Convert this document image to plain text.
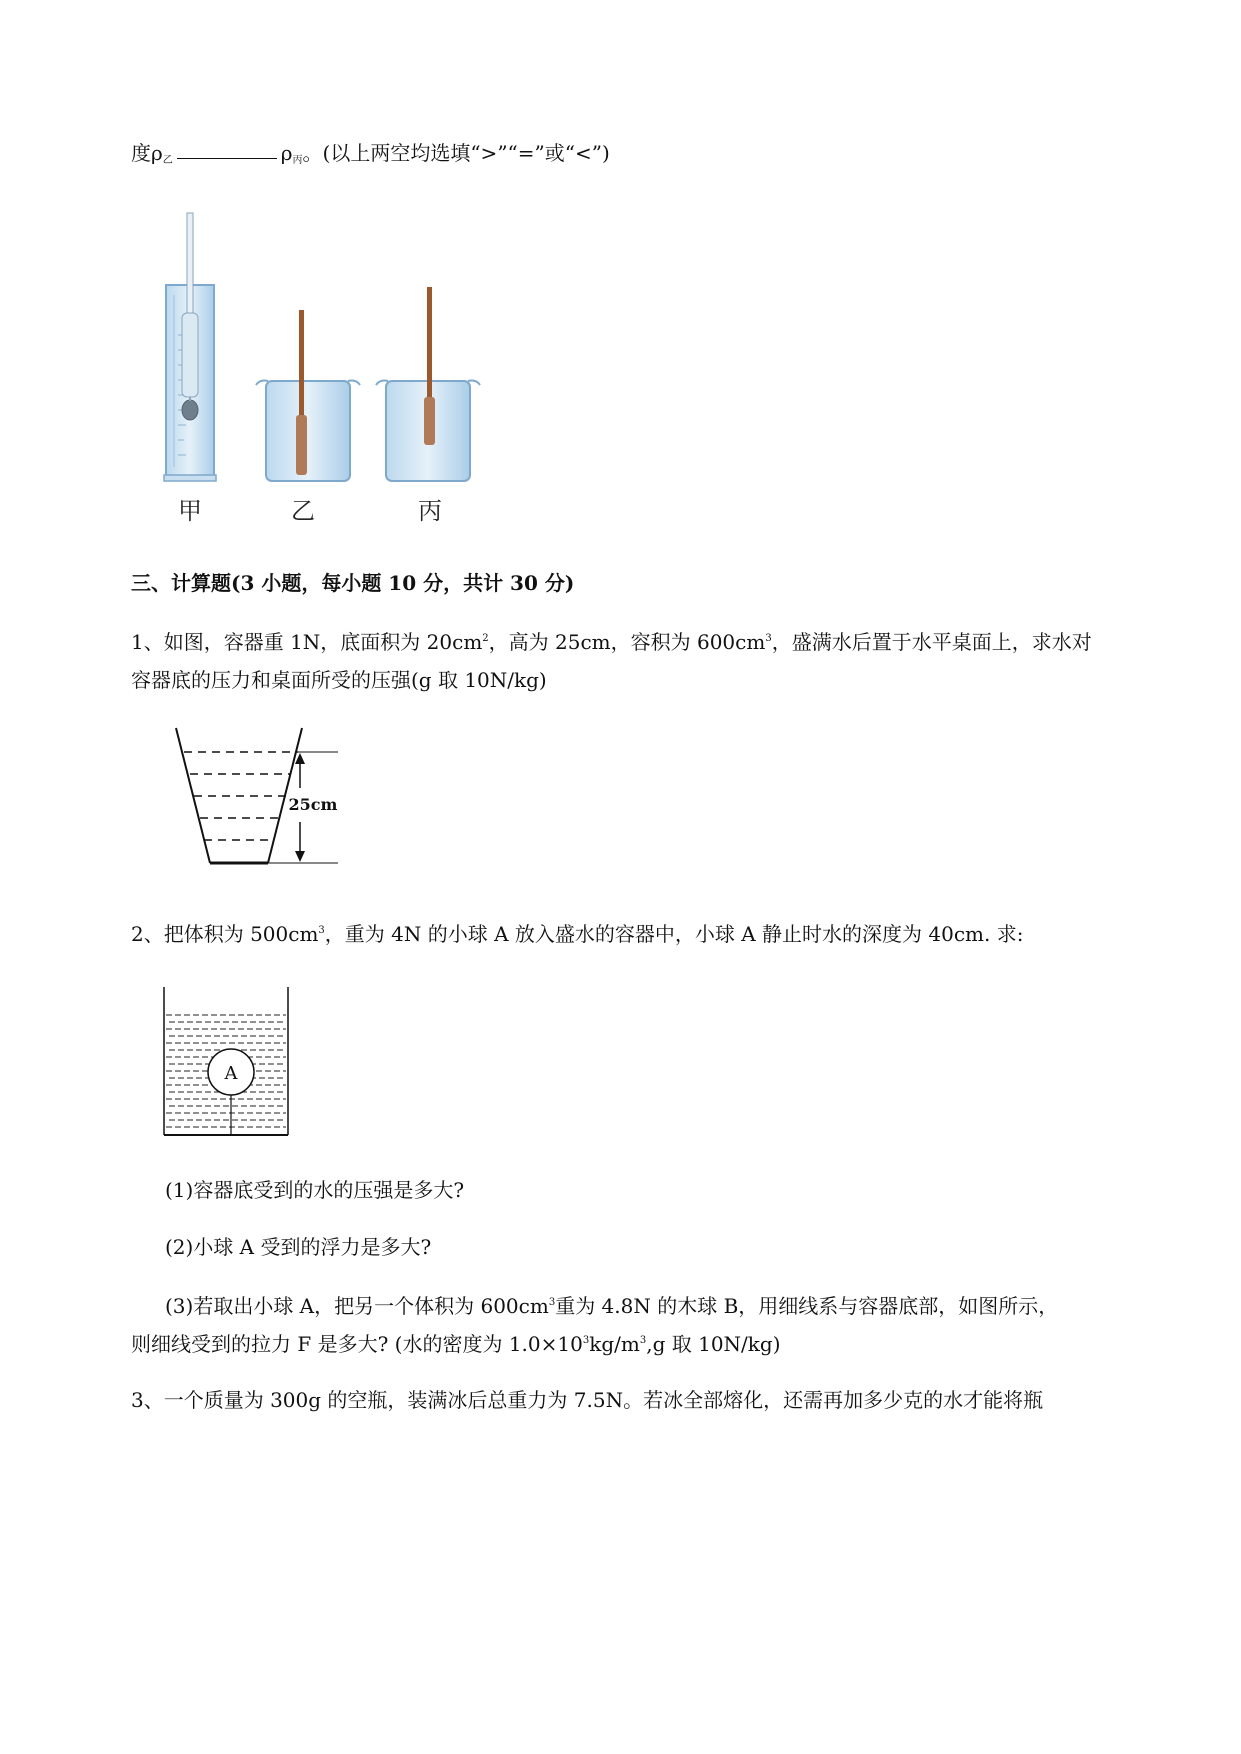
度$\rho_乙$	$\rho_丙$。(以上两空均选填“>”“=”或“<”)
甲	乙	丙
三、计算题(3 小题，每小题 10 分，共计 30 分)
1、如图，容器重 1N，底面积为 $20cm^2$，高为 25cm，容积为 $600cm^3$，盛满水后置于水平桌面上，求水对
容器底的压力和桌面所受的压强(g 取 10N/kg)
25cm
2、把体积为 $500cm^3$，重为 4N 的小球 A 放入盛水的容器中，小球 A 静止时水的深度为 40cm. 求:
A
(1)容器底受到的水的压强是多大?
(2)小球 A 受到的浮力是多大?
(3)若取出小球 A，把另一个体积为 $600cm^3$重为 4.8N 的木球 B，用细线系与容器底部，如图所示，
则细线受到的拉力 F 是多大? (水的密度为 $1.0\times 10^3kg/m^3,g$ 取 10N/kg)
3、一个质量为 300g 的空瓶，装满冰后总重力为 7.5N。若冰全部熔化，还需再加多少克的水才能将瓶
